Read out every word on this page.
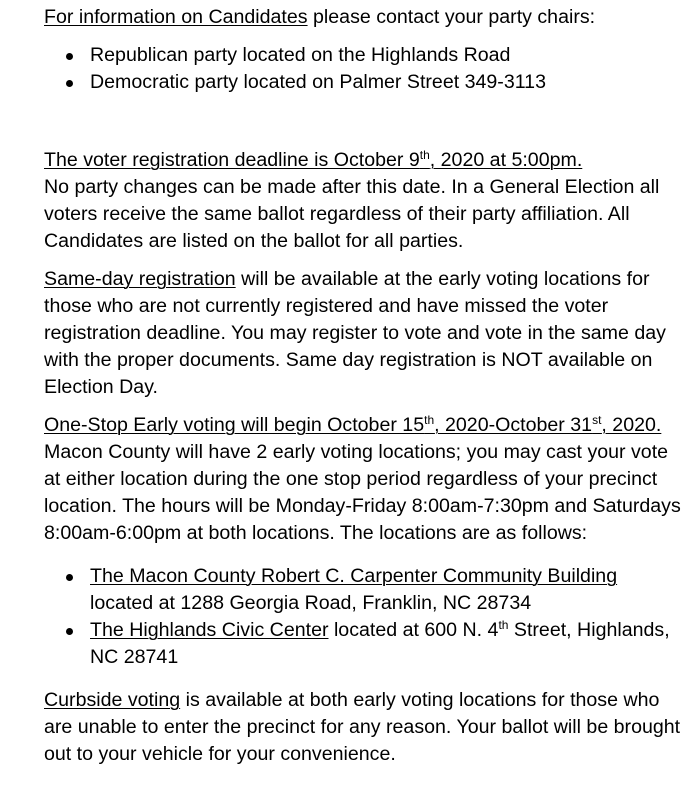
For information on Candidates please contact your party chairs:

Republican party located on the Highlands Road
Democratic party located on Palmer Street 349-3113

The voter registration deadline is October 9th, 2020 at 5:00pm.
No party changes can be made after this date. In a General Election all voters receive the same ballot regardless of their party affiliation. All Candidates are listed on the ballot for all parties.

Same-day registration will be available at the early voting locations for those who are not currently registered and have missed the voter registration deadline. You may register to vote and vote in the same day with the proper documents. Same day registration is NOT available on Election Day.

One-Stop Early voting will begin October 15th, 2020-October 31st, 2020. Macon County will have 2 early voting locations; you may cast your vote at either location during the one stop period regardless of your precinct location. The hours will be Monday-Friday 8:00am-7:30pm and Saturdays 8:00am-6:00pm at both locations. The locations are as follows:

The Macon County Robert C. Carpenter Community Building
located at 1288 Georgia Road, Franklin, NC 28734
The Highlands Civic Center located at 600 N. 4th Street, Highlands, NC 28741

Curbside voting is available at both early voting locations for those who are unable to enter the precinct for any reason. Your ballot will be brought out to your vehicle for your convenience.
